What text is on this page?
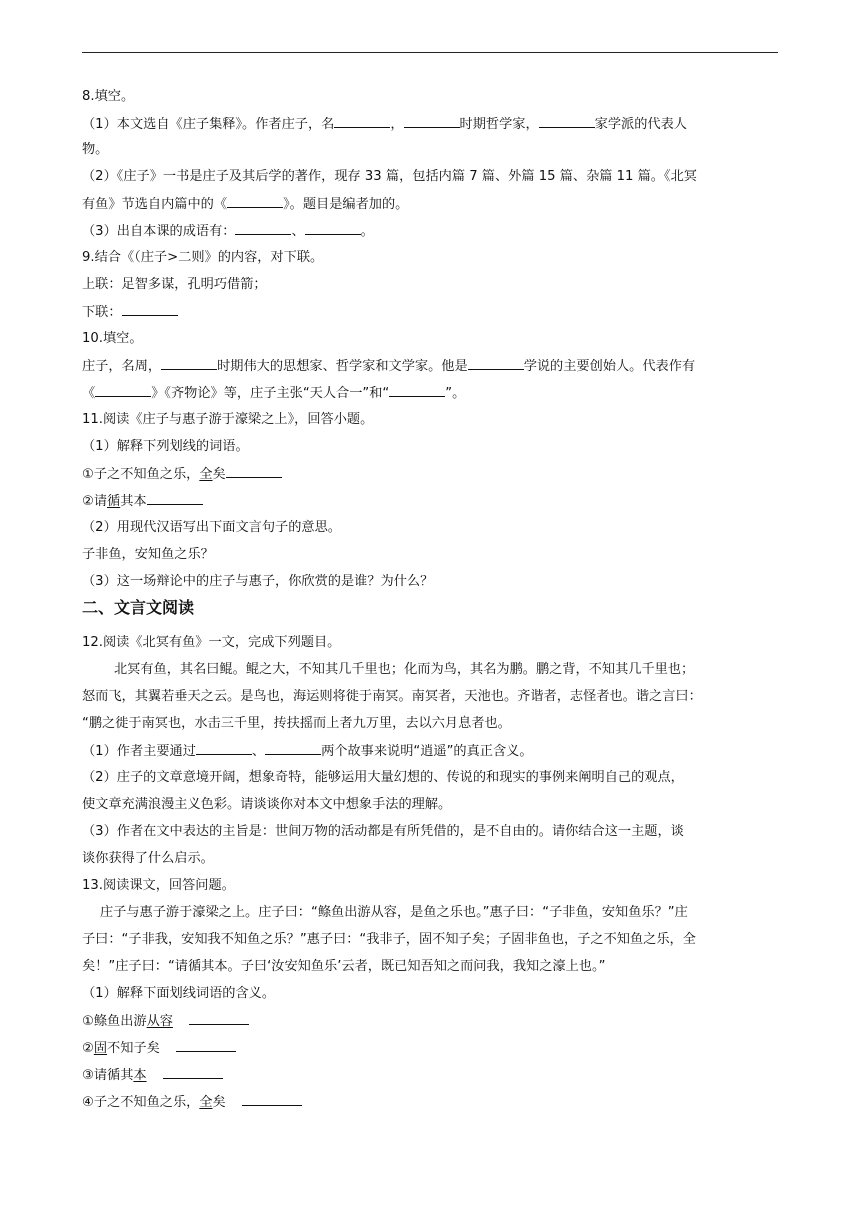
8.填空。
（1）本文选自《庄子集释》。作者庄子，名	，	时期哲学家，	家学派的代表人
物。
（2）《庄子》一书是庄子及其后学的著作，现存 33 篇，包括内篇 7 篇、外篇 15 篇、杂篇 11 篇。《北冥
有鱼》节选自内篇中的《	》。题目是编者加的。
（3）出自本课的成语有：	、	。
9.结合《（庄子>二则》的内容，对下联。
上联：足智多谋，孔明巧借箭；
下联：
10.填空。
庄子，名周，	时期伟大的思想家、哲学家和文学家。他是	学说的主要创始人。代表作有
《	》《齐物论》等，庄子主张“天人合一”和“	”。
11.阅读《庄子与惠子游于濠梁之上》，回答小题。
（1）解释下列划线的词语。
①子之不知鱼之乐，全矣
②请循其本
（2）用现代汉语写出下面文言句子的意思。
子非鱼，安知鱼之乐？
（3）这一场辩论中的庄子与惠子，你欣赏的是谁？为什么？
二、文言文阅读
12.阅读《北冥有鱼》一文，完成下列题目。
北冥有鱼，其名曰鲲。鲲之大，不知其几千里也；化而为鸟，其名为鹏。鹏之背，不知其几千里也；
怒而飞，其翼若垂天之云。是鸟也，海运则将徙于南冥。南冥者，天池也。齐谐者，志怪者也。谐之言曰：
“鹏之徙于南冥也，水击三千里，抟扶摇而上者九万里，去以六月息者也。
（1）作者主要通过	、	两个故事来说明“逍遥”的真正含义。
（2）庄子的文章意境开阔，想象奇特，能够运用大量幻想的、传说的和现实的事例来阐明自己的观点，
使文章充满浪漫主义色彩。请谈谈你对本文中想象手法的理解。
（3）作者在文中表达的主旨是：世间万物的活动都是有所凭借的，是不自由的。请你结合这一主题，谈
谈你获得了什么启示。
13.阅读课文，回答问题。
庄子与惠子游于濠梁之上。庄子曰：“鲦鱼出游从容，是鱼之乐也。”惠子曰：“子非鱼，安知鱼乐？”庄
子曰：“子非我，安知我不知鱼之乐？”惠子曰：“我非子，固不知子矣；子固非鱼也，子之不知鱼之乐，全
矣！”庄子曰：“请循其本。子曰‘汝安知鱼乐’云者，既已知吾知之而问我，我知之濠上也。”
（1）解释下面划线词语的含义。
①鲦鱼出游从容
②固不知子矣
③请循其本
④子之不知鱼之乐，全矣
